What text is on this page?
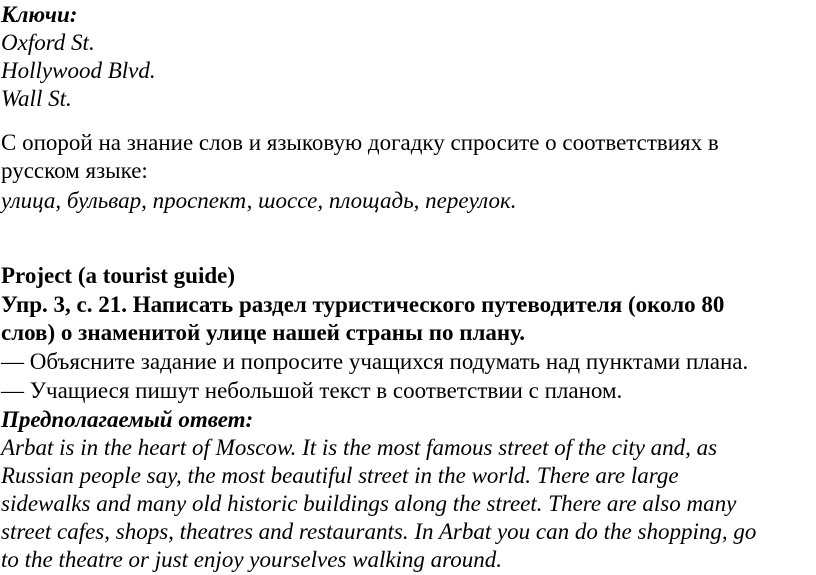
Ключи:
Oxford St.
Hollywood Blvd.
Wall St.
С опорой на знание слов и языковую догадку спросите о соответствиях в
русском языке:
улица, бульвар, проспект, шоссе, площадь, переулок.
Project (a tourist guide)
Упр. 3, с. 21. Написать раздел туристического путеводителя (около 80
слов) о знаменитой улице нашей страны по плану.
— Объясните задание и попросите учащихся подумать над пунктами плана.
— Учащиеся пишут небольшой текст в соответствии с планом.
Предполагаемый ответ:
Arbat is in the heart of Moscow. It is the most famous street of the city and, as
Russian people say, the most beautiful street in the world. There are large
sidewalks and many old historic buildings along the street. There are also many
street cafes, shops, theatres and restaurants. In Arbat you can do the shopping, go
to the theatre or just enjoy yourselves walking around.
